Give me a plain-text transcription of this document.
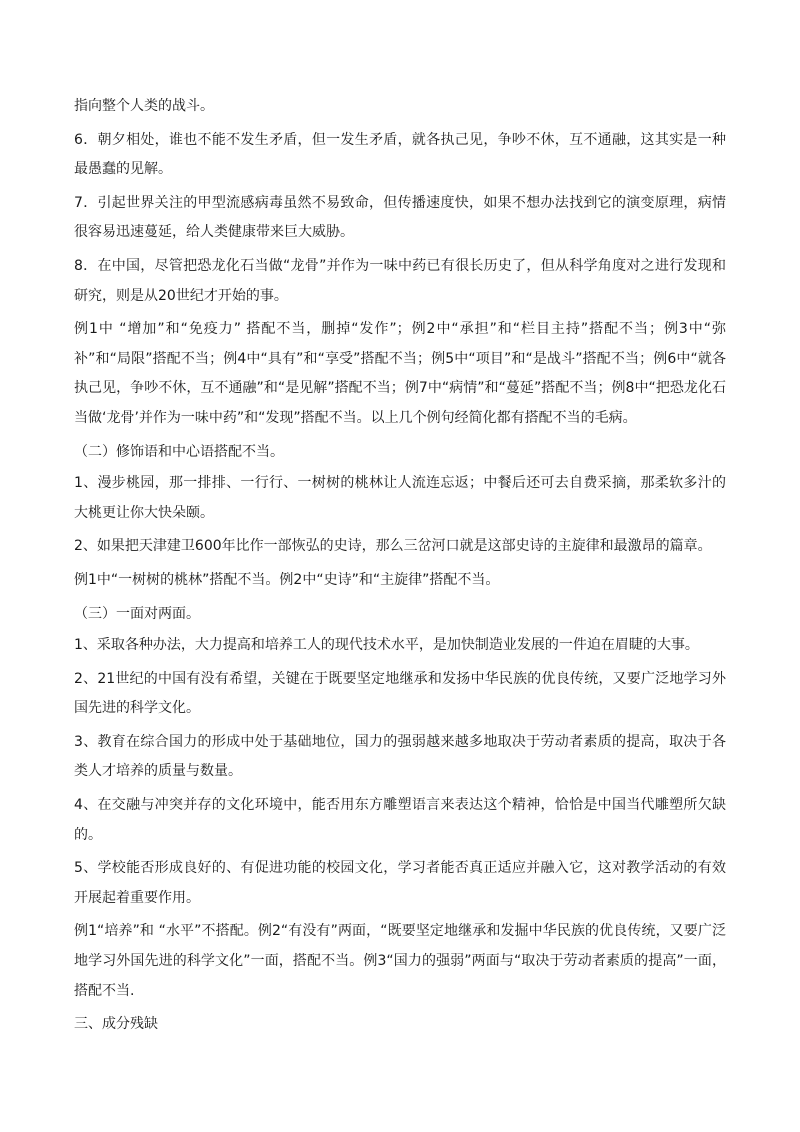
指向整个人类的战斗。

6．朝夕相处，谁也不能不发生矛盾，但一发生矛盾，就各执己见，争吵不休，互不通融，这其实是一种最愚蠢的见解。

7．引起世界关注的甲型流感病毒虽然不易致命，但传播速度快，如果不想办法找到它的演变原理，病情很容易迅速蔓延，给人类健康带来巨大威胁。

8．在中国，尽管把恐龙化石当做“龙骨”并作为一味中药已有很长历史了，但从科学角度对之进行发现和研究，则是从20世纪才开始的事。

例1中 “增加”和“免疫力” 搭配不当，删掉“发作”；例2中“承担”和“栏目主持”搭配不当；例3中“弥补”和“局限”搭配不当；例4中“具有”和“享受”搭配不当；例5中“项目”和“是战斗”搭配不当；例6中“就各执己见，争吵不休，互不通融”和“是见解”搭配不当；例7中“病情”和“蔓延”搭配不当；例8中“把恐龙化石当做‘龙骨’并作为一味中药”和“发现”搭配不当。以上几个例句经简化都有搭配不当的毛病。

（二）修饰语和中心语搭配不当。

1、漫步桃园，那一排排、一行行、一树树的桃林让人流连忘返；中餐后还可去自费采摘，那柔软多汁的大桃更让你大快朵颐。

2、如果把天津建卫600年比作一部恢弘的史诗，那么三岔河口就是这部史诗的主旋律和最激昂的篇章。

例1中“一树树的桃林”搭配不当。例2中“史诗”和“主旋律”搭配不当。

（三）一面对两面。

1、采取各种办法，大力提高和培养工人的现代技术水平，是加快制造业发展的一件迫在眉睫的大事。

2、21世纪的中国有没有希望，关键在于既要坚定地继承和发扬中华民族的优良传统，又要广泛地学习外国先进的科学文化。

3、教育在综合国力的形成中处于基础地位，国力的强弱越来越多地取决于劳动者素质的提高，取决于各类人才培养的质量与数量。

4、在交融与冲突并存的文化环境中，能否用东方雕塑语言来表达这个精神，恰恰是中国当代雕塑所欠缺的。

5、学校能否形成良好的、有促进功能的校园文化，学习者能否真正适应并融入它，这对教学活动的有效开展起着重要作用。

例1“培养”和 “水平”不搭配。例2“有没有”两面，“既要坚定地继承和发掘中华民族的优良传统，又要广泛地学习外国先进的科学文化”一面，搭配不当。例3“国力的强弱”两面与“取决于劳动者素质的提高”一面，搭配不当.

三、成分残缺
